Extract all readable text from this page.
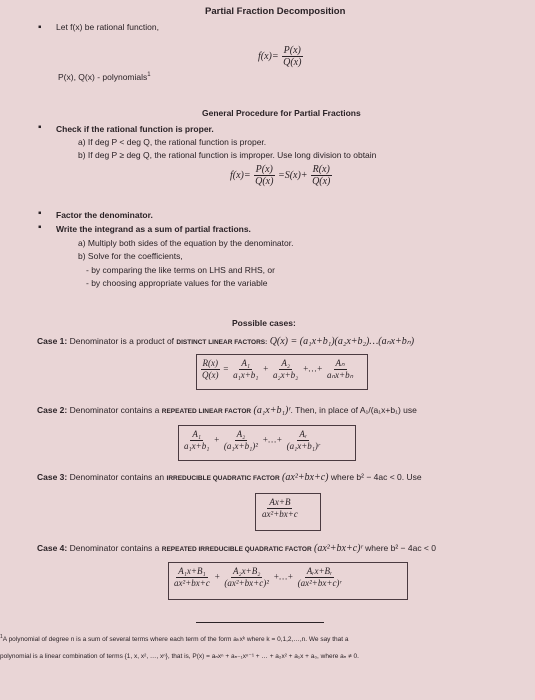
Partial Fraction Decomposition
▪ Let f(x) be rational function,
$f(x)= \frac{P(x)}{Q(x)}$
P(x), Q(x) - polynomials$^1$
General Procedure for Partial Fractions
▪ Check if the rational function is proper.
a) If deg P < deg Q, the rational function is proper.
b) If deg P ≥ deg Q, the rational function is improper. Use long division to obtain
$f(x)= \frac{P(x)}{Q(x)} =S(x)+ \frac{R(x)}{Q(x)}$
▪ Factor the denominator.
▪ Write the integrand as a sum of partial fractions.
a) Multiply both sides of the equation by the denominator.
b) Solve for the coefficients,
- by comparing the like terms on LHS and RHS, or
- by choosing appropriate values for the variable
Possible cases:
Case 1: Denominator is a product of DISTINCT LINEAR FACTORS: Q(x) = (a₁x+b₁)(a₂x+b₂)…(aₙx+bₙ)
$\frac{R(x)}{Q(x)} = \frac{\text{A₁}}{\text{a₁x+b₁}} + \frac{\text{A₂}}{\text{a₂x+b₂}}$ +…+ $\frac{\text{Aₙ}}{\text{aₙx+bₙ}}$
Case 2: Denominator contains a REPEATED LINEAR FACTOR (a₁x+b₁)ʳ. Then, in place of A₁/(a₁x+b₁) use
$\frac{\text{A₁}}{\text{a₁x+b₁}} + \frac{\text{A₂}}{\text{(a₁x+b₁)²}}$ +…+ $\frac{\text{Aᵣ}}{\text{(a₁x+b₁)ʳ}}$
Case 3: Denominator contains an IRREDUCIBLE QUADRATIC FACTOR (ax²+bx+c) where b² − 4ac < 0. Use
$\frac{Ax+B}{\text{ax²+bx+c}}$
Case 4: Denominator contains a REPEATED IRREDUCIBLE QUADRATIC FACTOR (ax²+bx+c)ʳ where b² − 4ac < 0
$\frac{\text{A₁x+B₁}}{\text{ax²+bx+c}} + \frac{\text{A₂x+B₂}}{\text{(ax²+bx+c)²}}$ +…+ $\frac{\text{Aᵣx+Bᵣ}}{\text{(ax²+bx+c)ʳ}}$
$^1$A polynomial of degree n is a sum of several terms where each term of the form aₖxᵏ where k = 0,1,2,…,n. We say that a
polynomial is a linear combination of terms {1, x, x², …, xⁿ}, that is, P(x) = aₙxⁿ + aₙ₋₁xⁿ⁻¹ + … + a₂x² + a₁x + a₀, where aₙ ≠ 0.
